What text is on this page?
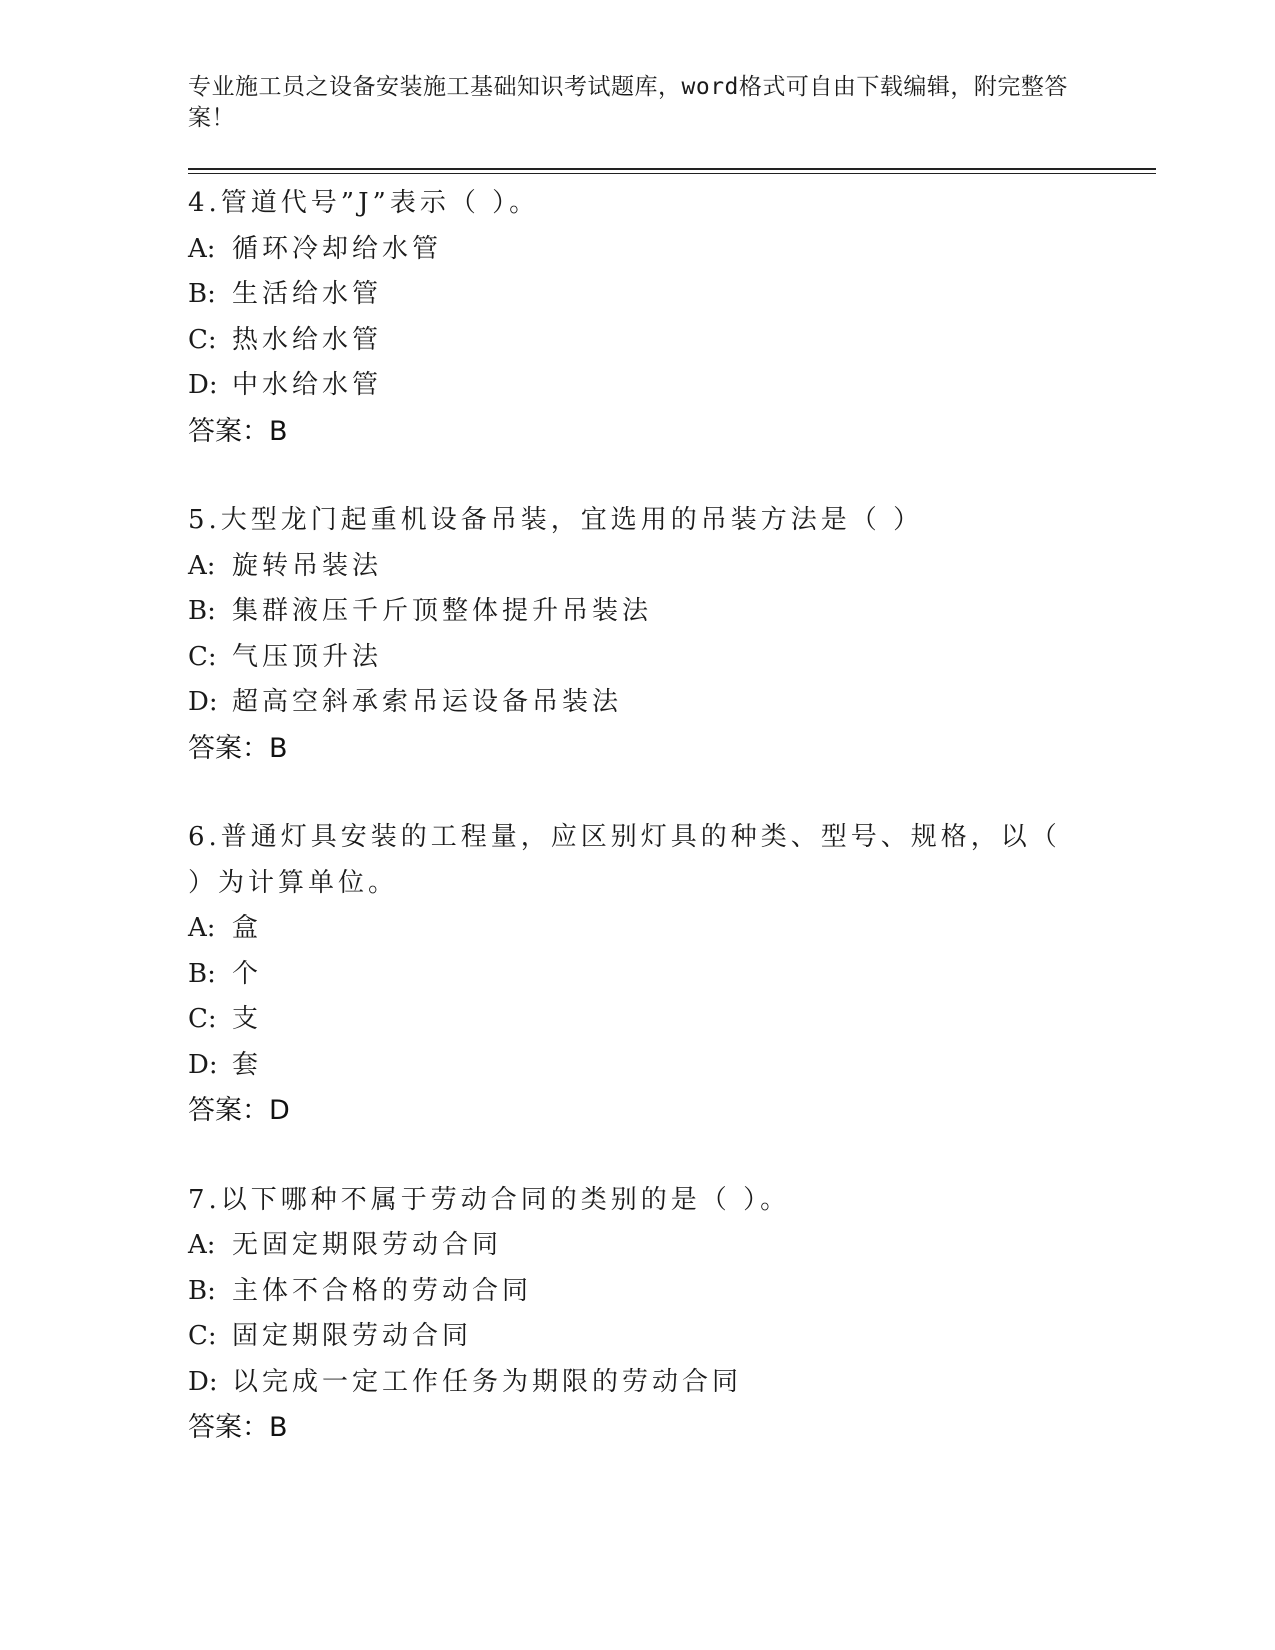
专业施工员之设备安装施工基础知识考试题库，word格式可自由下载编辑，附完整答案！
4.管道代号”J”表示（ ）。
A: 循环冷却给水管
B: 生活给水管
C: 热水给水管
D: 中水给水管
答案：B
5.大型龙门起重机设备吊装，宜选用的吊装方法是（ ）
A: 旋转吊装法
B: 集群液压千斤顶整体提升吊装法
C: 气压顶升法
D: 超高空斜承索吊运设备吊装法
答案：B
6.普通灯具安装的工程量，应区别灯具的种类、型号、规格，以（ ）为计算单位。
A: 盒
B: 个
C: 支
D: 套
答案：D
7.以下哪种不属于劳动合同的类别的是（ ）。
A: 无固定期限劳动合同
B: 主体不合格的劳动合同
C: 固定期限劳动合同
D: 以完成一定工作任务为期限的劳动合同
答案：B
